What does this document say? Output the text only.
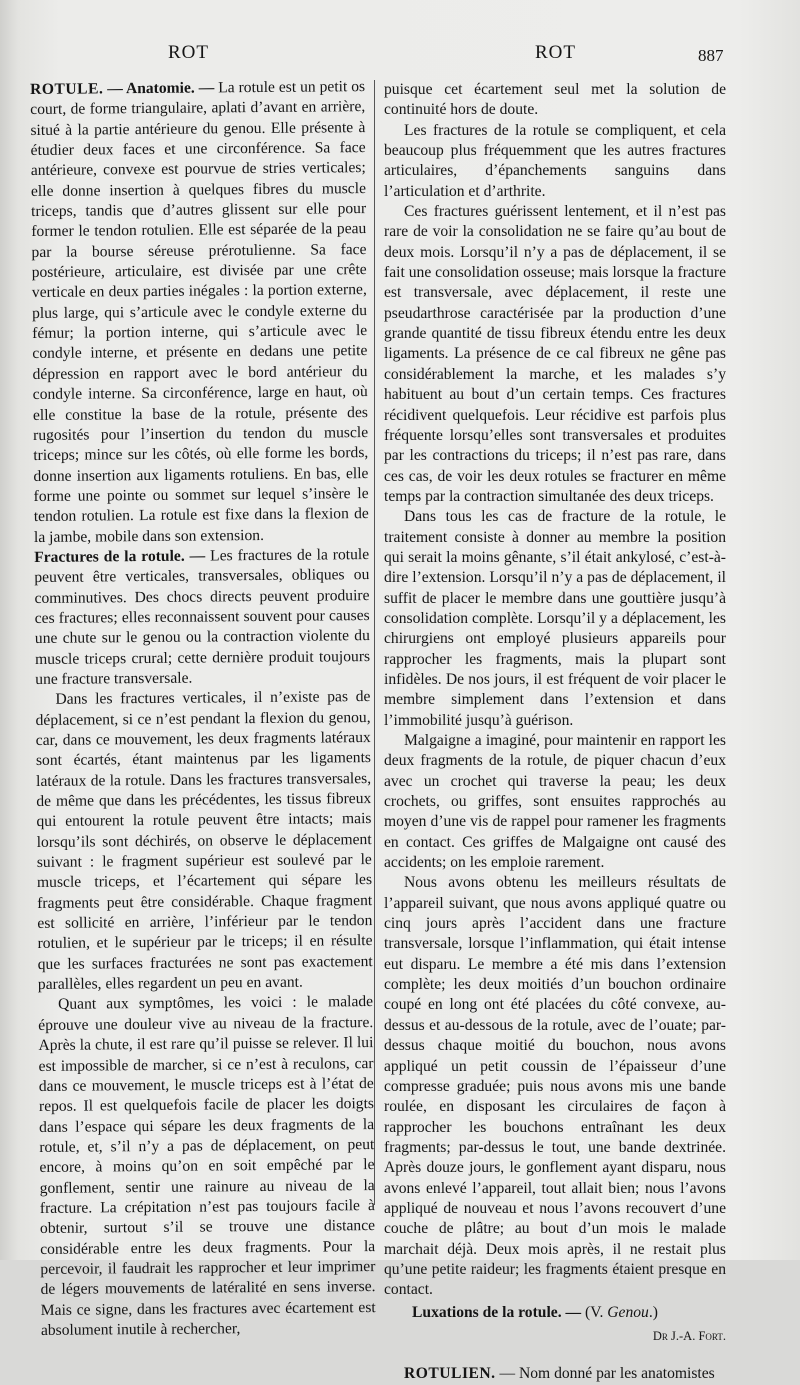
ROT	ROT	887

ROTULE. — Anatomie. — La rotule est un petit os court, de forme triangulaire, aplati d’avant en arrière, situé à la partie antérieure du genou. Elle présente à étudier deux faces et une circonférence. Sa face antérieure, convexe est pourvue de stries verticales; elle donne insertion à quelques fibres du muscle triceps, tandis que d’autres glissent sur elle pour former le tendon rotulien. Elle est séparée de la peau par la bourse séreuse prérotulienne. Sa face postérieure, articulaire, est divisée par une crête verticale en deux parties inégales : la portion externe, plus large, qui s’articule avec le condyle externe du fémur; la portion interne, qui s’articule avec le condyle interne, et présente en dedans une petite dépression en rapport avec le bord antérieur du condyle interne. Sa circonférence, large en haut, où elle constitue la base de la rotule, présente des rugosités pour l’insertion du tendon du muscle triceps; mince sur les côtés, où elle forme les bords, donne insertion aux ligaments rotuliens. En bas, elle forme une pointe ou sommet sur lequel s’insère le tendon rotulien. La rotule est fixe dans la flexion de la jambe, mobile dans son extension.

Fractures de la rotule. — Les fractures de la rotule peuvent être verticales, transversales, obliques ou comminutives. Des chocs directs peuvent produire ces fractures; elles reconnaissent souvent pour causes une chute sur le genou ou la contraction violente du muscle triceps crural; cette dernière produit toujours une fracture transversale.

Dans les fractures verticales, il n’existe pas de déplacement, si ce n’est pendant la flexion du genou, car, dans ce mouvement, les deux fragments latéraux sont écartés, étant maintenus par les ligaments latéraux de la rotule. Dans les fractures transversales, de même que dans les précédentes, les tissus fibreux qui entourent la rotule peuvent être intacts; mais lorsqu’ils sont déchirés, on observe le déplacement suivant : le fragment supérieur est soulevé par le muscle triceps, et l’écartement qui sépare les fragments peut être considérable. Chaque fragment est sollicité en arrière, l’inférieur par le tendon rotulien, et le supérieur par le triceps; il en résulte que les surfaces fracturées ne sont pas exactement parallèles, elles regardent un peu en avant.

Quant aux symptômes, les voici : le malade éprouve une douleur vive au niveau de la fracture. Après la chute, il est rare qu’il puisse se relever. Il lui est impossible de marcher, si ce n’est à reculons, car dans ce mouvement, le muscle triceps est à l’état de repos. Il est quelquefois facile de placer les doigts dans l’espace qui sépare les deux fragments de la rotule, et, s’il n’y a pas de déplacement, on peut encore, à moins qu’on en soit empêché par le gonflement, sentir une rainure au niveau de la fracture. La crépitation n’est pas toujours facile à obtenir, surtout s’il se trouve une distance considérable entre les deux fragments. Pour la percevoir, il faudrait les rapprocher et leur imprimer de légers mouvements de latéralité en sens inverse. Mais ce signe, dans les fractures avec écartement est absolument inutile à rechercher,

puisque cet écartement seul met la solution de continuité hors de doute.

Les fractures de la rotule se compliquent, et cela beaucoup plus fréquemment que les autres fractures articulaires, d’épanchements sanguins dans l’articulation et d’arthrite.

Ces fractures guérissent lentement, et il n’est pas rare de voir la consolidation ne se faire qu’au bout de deux mois. Lorsqu’il n’y a pas de déplacement, il se fait une consolidation osseuse; mais lorsque la fracture est transversale, avec déplacement, il reste une pseudarthrose caractérisée par la production d’une grande quantité de tissu fibreux étendu entre les deux ligaments. La présence de ce cal fibreux ne gêne pas considérablement la marche, et les malades s’y habituent au bout d’un certain temps. Ces fractures récidivent quelquefois. Leur récidive est parfois plus fréquente lorsqu’elles sont transversales et produites par les contractions du triceps; il n’est pas rare, dans ces cas, de voir les deux rotules se fracturer en même temps par la contraction simultanée des deux triceps.

Dans tous les cas de fracture de la rotule, le traitement consiste à donner au membre la position qui serait la moins gênante, s’il était ankylosé, c’est-à-dire l’extension. Lorsqu’il n’y a pas de déplacement, il suffit de placer le membre dans une gouttière jusqu’à consolidation complète. Lorsqu’il y a déplacement, les chirurgiens ont employé plusieurs appareils pour rapprocher les fragments, mais la plupart sont infidèles. De nos jours, il est fréquent de voir placer le membre simplement dans l’extension et dans l’immobilité jusqu’à guérison.

Malgaigne a imaginé, pour maintenir en rapport les deux fragments de la rotule, de piquer chacun d’eux avec un crochet qui traverse la peau; les deux crochets, ou griffes, sont ensuites rapprochés au moyen d’une vis de rappel pour ramener les fragments en contact. Ces griffes de Malgaigne ont causé des accidents; on les emploie rarement.

Nous avons obtenu les meilleurs résultats de l’appareil suivant, que nous avons appliqué quatre ou cinq jours après l’accident dans une fracture transversale, lorsque l’inflammation, qui était intense eut disparu. Le membre a été mis dans l’extension complète; les deux moitiés d’un bouchon ordinaire coupé en long ont été placées du côté convexe, au-dessus et au-dessous de la rotule, avec de l’ouate; par-dessus chaque moitié du bouchon, nous avons appliqué un petit coussin de l’épaisseur d’une compresse graduée; puis nous avons mis une bande roulée, en disposant les circulaires de façon à rapprocher les bouchons entraînant les deux fragments; par-dessus le tout, une bande dextrinée. Après douze jours, le gonflement ayant disparu, nous avons enlevé l’appareil, tout allait bien; nous l’avons appliqué de nouveau et nous l’avons recouvert d’une couche de plâtre; au bout d’un mois le malade marchait déjà. Deux mois après, il ne restait plus qu’une petite raideur; les fragments étaient presque en contact.

Luxations de la rotule. — (V. Genou.)

Dr J.-A. Fort.

ROTULIEN. — Nom donné par les anatomistes
